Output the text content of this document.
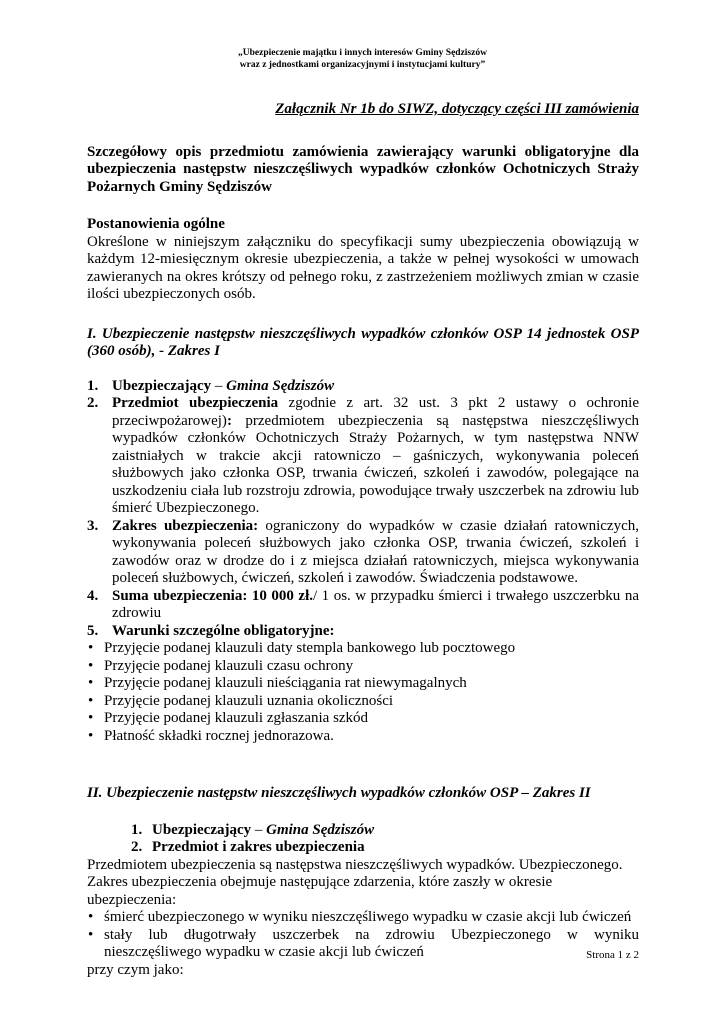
„Ubezpieczenie majątku i innych interesów Gminy Sędziszów
wraz z jednostkami organizacyjnymi i instytucjami kultury”

Załącznik Nr 1b do SIWZ, dotyczący części III zamówienia

Szczegółowy opis przedmiotu zamówienia zawierający warunki obligatoryjne dla ubezpieczenia następstw nieszczęśliwych wypadków członków Ochotniczych Straży Pożarnych Gminy Sędziszów

Postanowienia ogólne

Określone w niniejszym załączniku do specyfikacji sumy ubezpieczenia obowiązują w każdym 12-miesięcznym okresie ubezpieczenia, a także w pełnej wysokości w umowach zawieranych na okres krótszy od pełnego roku, z zastrzeżeniem możliwych zmian w czasie ilości ubezpieczonych osób.

I. Ubezpieczenie następstw nieszczęśliwych wypadków członków OSP 14 jednostek OSP (360 osób), - Zakres I

1. Ubezpieczający – Gmina Sędziszów
2. Przedmiot ubezpieczenia zgodnie z art. 32 ust. 3 pkt 2 ustawy o ochronie przeciwpożarowej): przedmiotem ubezpieczenia są następstwa nieszczęśliwych wypadków członków Ochotniczych Straży Pożarnych, w tym następstwa NNW zaistniałych w trakcie akcji ratowniczo – gaśniczych, wykonywania poleceń służbowych jako członka OSP, trwania ćwiczeń, szkoleń i zawodów, polegające na uszkodzeniu ciała lub rozstroju zdrowia, powodujące trwały uszczerbek na zdrowiu lub śmierć Ubezpieczonego.
3. Zakres ubezpieczenia: ograniczony do wypadków w czasie działań ratowniczych, wykonywania poleceń służbowych jako członka OSP, trwania ćwiczeń, szkoleń i zawodów oraz w drodze do i z miejsca działań ratowniczych, miejsca wykonywania poleceń służbowych, ćwiczeń, szkoleń i zawodów. Świadczenia podstawowe.
4. Suma ubezpieczenia: 10 000 zł./ 1 os. w przypadku śmierci i trwałego uszczerbku na zdrowiu
5. Warunki szczególne obligatoryjne:
• Przyjęcie podanej klauzuli daty stempla bankowego lub pocztowego
• Przyjęcie podanej klauzuli czasu ochrony
• Przyjęcie podanej klauzuli nieściągania rat niewymagalnych
• Przyjęcie podanej klauzuli uznania okoliczności
• Przyjęcie podanej klauzuli zgłaszania szkód
• Płatność składki rocznej jednorazowa.

II. Ubezpieczenie następstw nieszczęśliwych wypadków członków OSP – Zakres II

1. Ubezpieczający – Gmina Sędziszów
2. Przedmiot i zakres ubezpieczenia

Przedmiotem ubezpieczenia są następstwa nieszczęśliwych wypadków. Ubezpieczonego.

Zakres ubezpieczenia obejmuje następujące zdarzenia, które zaszły w okresie ubezpieczenia:

• śmierć ubezpieczonego w wyniku nieszczęśliwego wypadku w czasie akcji lub ćwiczeń
• stały lub długotrwały uszczerbek na zdrowiu Ubezpieczonego w wyniku nieszczęśliwego wypadku w czasie akcji lub ćwiczeń

przy czym jako:

Strona 1 z 2
